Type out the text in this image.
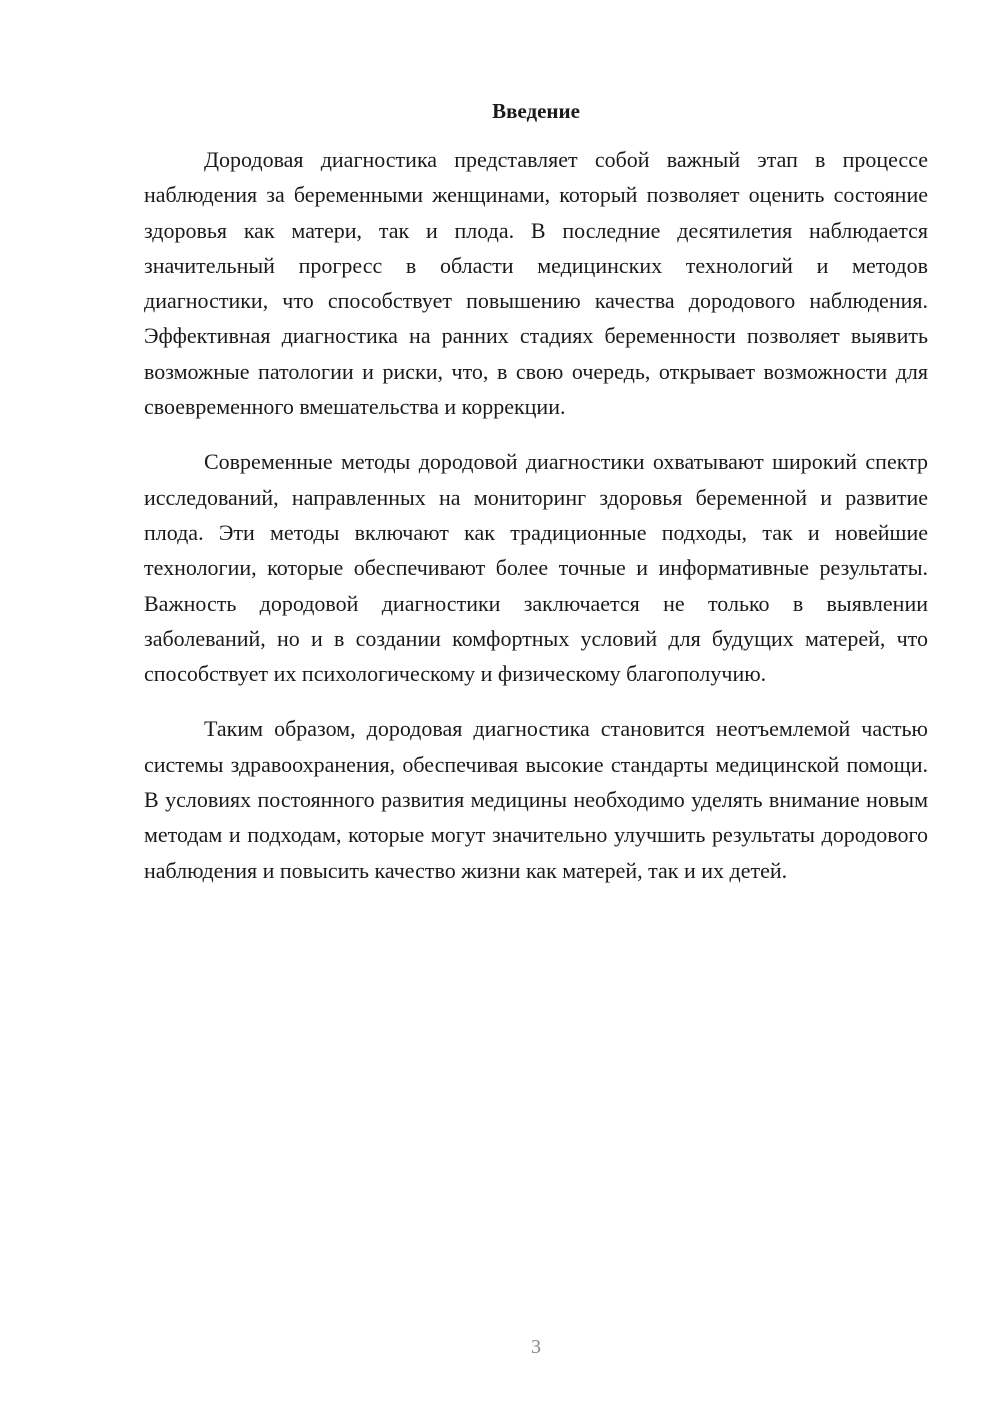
Введение

Дородовая диагностика представляет собой важный этап в процессе наблюдения за беременными женщинами, который позволяет оценить состояние здоровья как матери, так и плода. В последние десятилетия наблюдается значительный прогресс в области медицинских технологий и методов диагностики, что способствует повышению качества дородового наблюдения. Эффективная диагностика на ранних стадиях беременности позволяет выявить возможные патологии и риски, что, в свою очередь, открывает возможности для своевременного вмешательства и коррекции.

Современные методы дородовой диагностики охватывают широкий спектр исследований, направленных на мониторинг здоровья беременной и развитие плода. Эти методы включают как традиционные подходы, так и новейшие технологии, которые обеспечивают более точные и информативные результаты. Важность дородовой диагностики заключается не только в выявлении заболеваний, но и в создании комфортных условий для будущих матерей, что способствует их психологическому и физическому благополучию.

Таким образом, дородовая диагностика становится неотъемлемой частью системы здравоохранения, обеспечивая высокие стандарты медицинской помощи. В условиях постоянного развития медицины необходимо уделять внимание новым методам и подходам, которые могут значительно улучшить результаты дородового наблюдения и повысить качество жизни как матерей, так и их детей.

3
